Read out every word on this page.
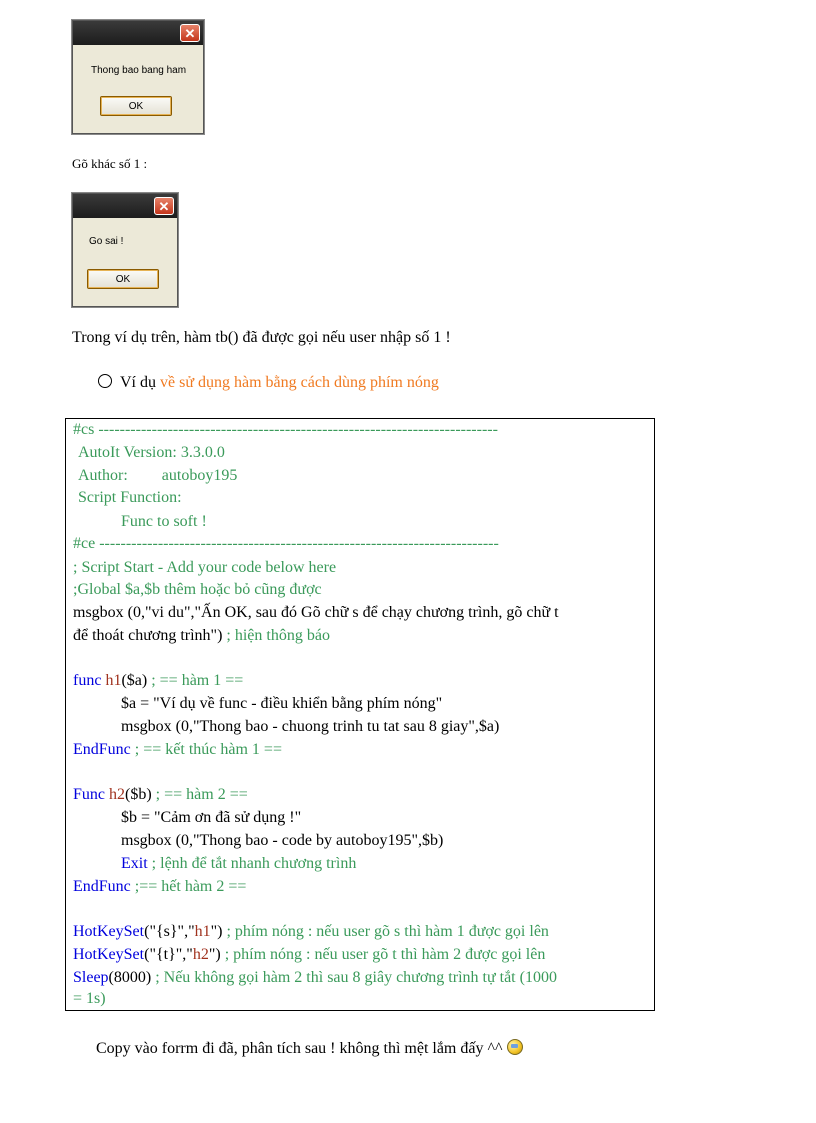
✕
Thong bao bang ham
OK
Gõ khác số 1 :
✕
Go sai !
OK
Trong ví dụ trên, hàm tb() đã được gọi nếu user nhập số 1 !
Ví dụ về sử dụng hàm bằng cách dùng phím nóng
#cs ---------------------------------------------------------------------------
AutoIt Version: 3.3.0.0
Author: autoboy195
Script Function:
Func to soft !
#ce ---------------------------------------------------------------------------
; Script Start - Add your code below here
;Global $a,$b thêm hoặc bỏ cũng được
msgbox (0,"vi du","Ấn OK, sau đó Gõ chữ s để chạy chương trình, gõ chữ t
để thoát chương trình") ; hiện thông báo
func h1($a) ; == hàm 1 ==
$a = "Ví dụ về func - điều khiển bằng phím nóng"
msgbox (0,"Thong bao - chuong trinh tu tat sau 8 giay",$a)
EndFunc ; == kết thúc hàm 1 ==
Func h2($b) ; == hàm 2 ==
$b = "Cảm ơn đã sử dụng !"
msgbox (0,"Thong bao - code by autoboy195",$b)
Exit ; lệnh để tắt nhanh chương trình
EndFunc ;== hết hàm 2 ==
HotKeySet("{s}","h1") ; phím nóng : nếu user gõ s thì hàm 1 được gọi lên
HotKeySet("{t}","h2") ; phím nóng : nếu user gõ t thì hàm 2 được gọi lên
Sleep(8000) ; Nếu không gọi hàm 2 thì sau 8 giây chương trình tự tắt (1000
= 1s)
Copy vào forrm đi đã, phân tích sau ! không thì mệt lắm đấy ^^
